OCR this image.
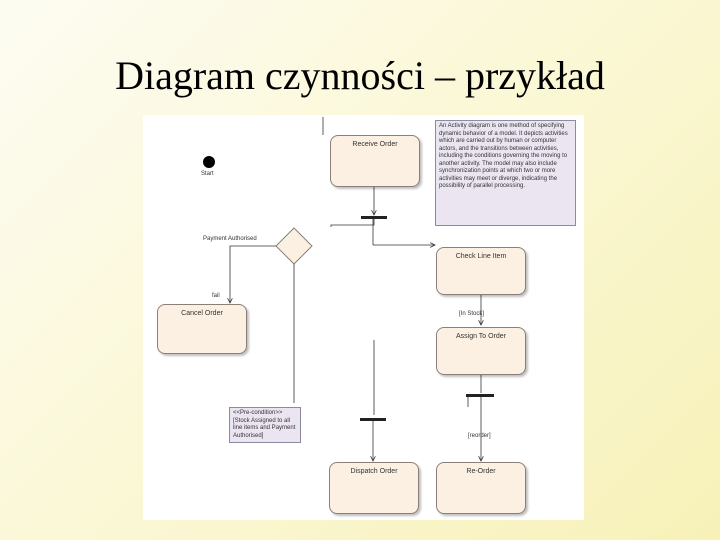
Diagram czynności – przykład
Start
Payment Authorised
fail
[In Stock]
[reorder]
Receive Order
Check Line Item
Cancel Order
Assign To Order
Dispatch Order	Re-Order
An Activity diagram is one method of specifying dynamic behavior of a model. It depicts activities which are carried out by human or computer actors, and the transitions between activities, including the conditions governing the moving to another activity. The model may also include synchronization points at which two or more activities may meet or diverge, indicating the possibility of parallel processing.
<<Pre-condition>> [Stock Assigned to all line items and Payment Authorised]
